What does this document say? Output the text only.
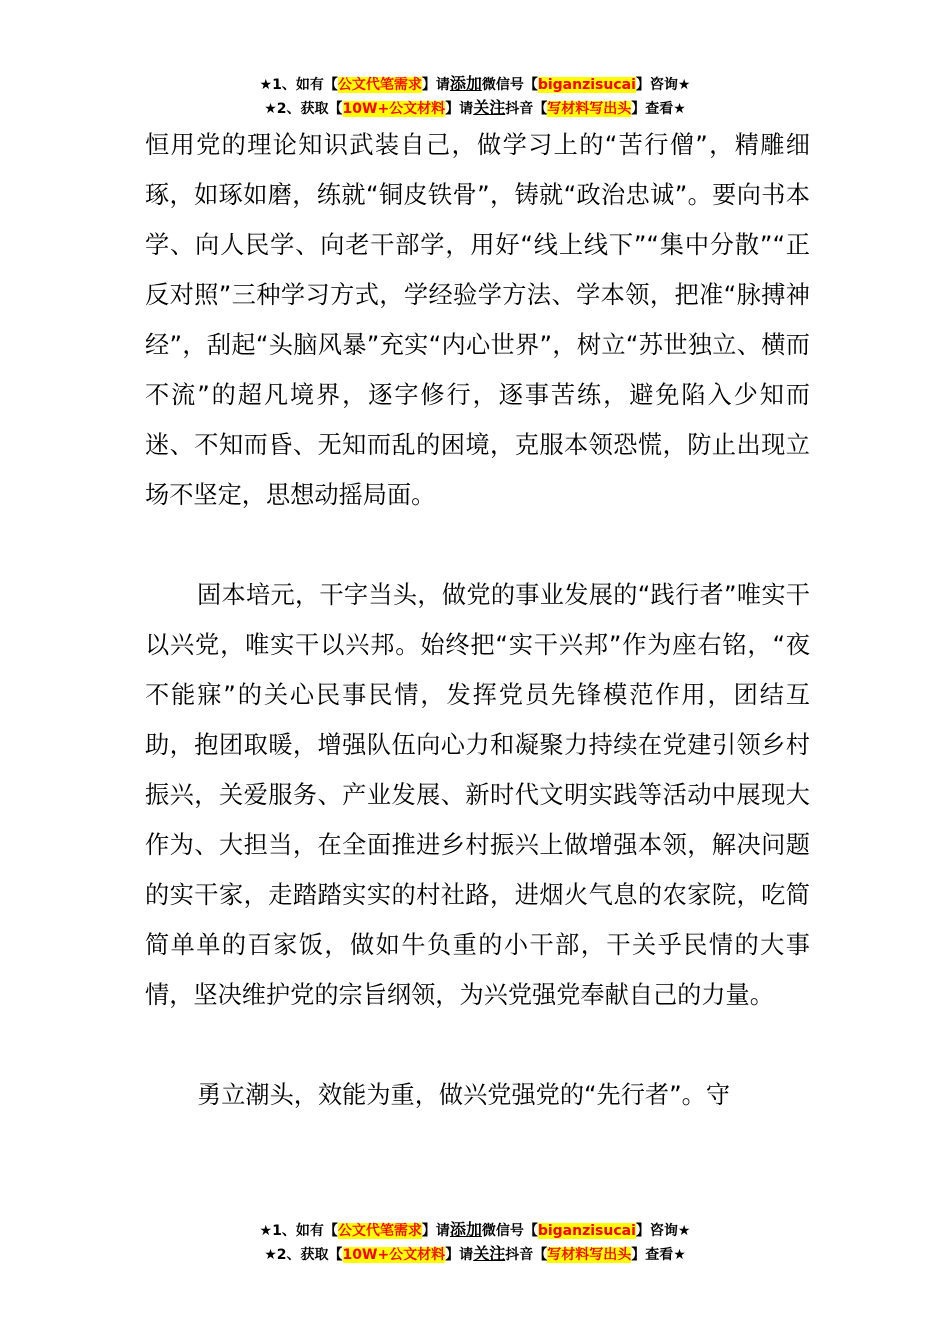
★1、如有【公文代笔需求】请添加微信号【biganzisucai】咨询★
★2、获取【10W+公文材料】请关注抖音【写材料写出头】查看★

恒用党的理论知识武装自己，做学习上的“苦行僧”，精雕细琢，如琢如磨，练就“铜皮铁骨”，铸就“政治忠诚”。要向书本学、向人民学、向老干部学，用好“线上线下”“集中分散”“正反对照”三种学习方式，学经验学方法、学本领，把准“脉搏神经”，刮起“头脑风暴”充实“内心世界”，树立“苏世独立、横而不流”的超凡境界，逐字修行，逐事苦练，避免陷入少知而迷、不知而昏、无知而乱的困境，克服本领恐慌，防止出现立场不坚定，思想动摇局面。

固本培元，干字当头，做党的事业发展的“践行者”唯实干以兴党，唯实干以兴邦。始终把“实干兴邦”作为座右铭，“夜不能寐”的关心民事民情，发挥党员先锋模范作用，团结互助，抱团取暖，增强队伍向心力和凝聚力持续在党建引领乡村振兴，关爱服务、产业发展、新时代文明实践等活动中展现大作为、大担当，在全面推进乡村振兴上做增强本领，解决问题的实干家，走踏踏实实的村社路，进烟火气息的农家院，吃简简单单的百家饭，做如牛负重的小干部，干关乎民情的大事情，坚决维护党的宗旨纲领，为兴党强党奉献自己的力量。

勇立潮头，效能为重，做兴党强党的“先行者”。守

★1、如有【公文代笔需求】请添加微信号【biganzisucai】咨询★
★2、获取【10W+公文材料】请关注抖音【写材料写出头】查看★
